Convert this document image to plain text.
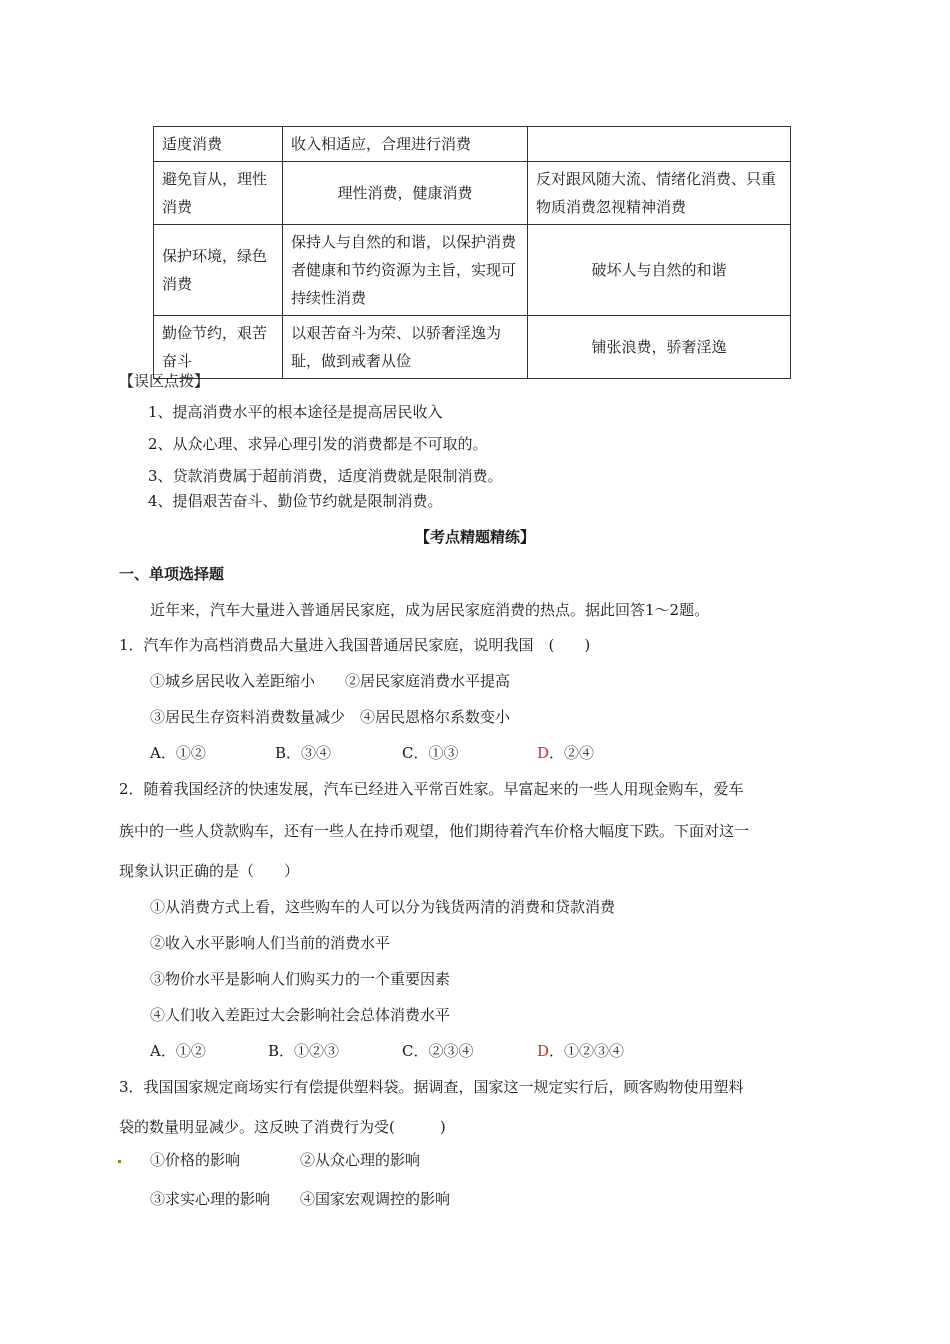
适度消费	收入相适应，合理进行消费	
避免盲从，理性消费	理性消费，健康消费	反对跟风随大流、情绪化消费、只重物质消费忽视精神消费
保护环境，绿色消费	保持人与自然的和谐，以保护消费者健康和节约资源为主旨，实现可持续性消费	破坏人与自然的和谐
勤俭节约，艰苦奋斗	以艰苦奋斗为荣、以骄奢淫逸为耻，做到戒奢从俭	铺张浪费，骄奢淫逸
【误区点拨】
1、提高消费水平的根本途径是提高居民收入
2、从众心理、求异心理引发的消费都是不可取的。
3、贷款消费属于超前消费，适度消费就是限制消费。
4、提倡艰苦奋斗、勤俭节约就是限制消费。
【考点精题精练】
一、单项选择题
近年来，汽车大量进入普通居民家庭，成为居民家庭消费的热点。据此回答1～2题。
1．汽车作为高档消费品大量进入我国普通居民家庭，说明我国　(　　)
①城乡居民收入差距缩小　　②居民家庭消费水平提高
③居民生存资料消费数量减少　④居民恩格尔系数变小
A．①②	B．③④	C．①③	D．②④
2．随着我国经济的快速发展，汽车已经进入平常百姓家。早富起来的一些人用现金购车，爱车
族中的一些人贷款购车，还有一些人在持币观望，他们期待着汽车价格大幅度下跌。下面对这一
现象认识正确的是（　　）
①从消费方式上看，这些购车的人可以分为钱货两清的消费和贷款消费
②收入水平影响人们当前的消费水平
③物价水平是影响人们购买力的一个重要因素
④人们收入差距过大会影响社会总体消费水平
A．①②	B．①②③	C．②③④	D．①②③④
3．我国国家规定商场实行有偿提供塑料袋。据调查，国家这一规定实行后，顾客购物使用塑料
袋的数量明显减少。这反映了消费行为受(　　　)
①价格的影响　　　　②从众心理的影响
③求实心理的影响　　④国家宏观调控的影响
